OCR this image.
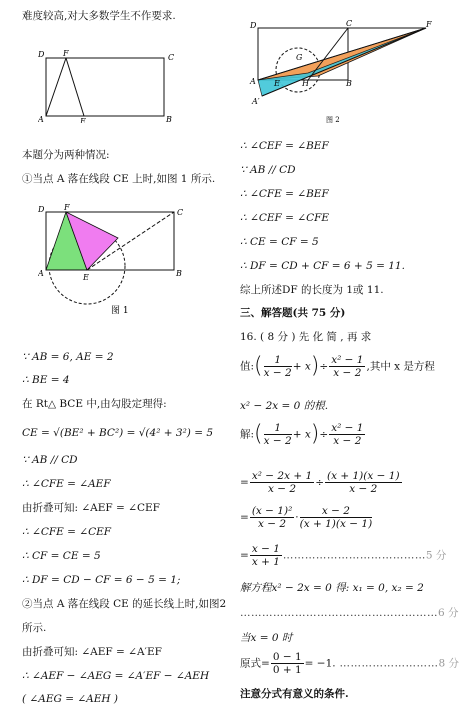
难度较高,对大多数学生不作要求.
D F	C
A	E	B
本题分为两种情况:
①当点 A 落在线段 CE 上时,如图 1 所示.
D F
C
A	E	B
图 1
∵ AB = 6, AE = 2
∴ BE = 4
在 Rt△ BCE 中,由勾股定理得:
CE = √(BE² + BC²) = √(4² + 3²) = 5
∵ AB // CD
∴ ∠CFE = ∠AEF
由折叠可知: ∠AEF = ∠CEF
∴ ∠CFE = ∠CEF
∴ CF = CE = 5
∴ DF = CD − CF = 6 − 5 = 1;
②当点 A 落在线段 CE 的延长线上时,如图2
所示.
由折叠可知: ∠AEF = ∠A′EF
∴ ∠AEF − ∠AEG = ∠A′EF − ∠AEH
( ∠AEG = ∠AEH )
D	C	F
G
A E	H	B
A′
图 2
∴ ∠CEF = ∠BEF
∵ AB // CD
∴ ∠CFE = ∠BEF
∴ ∠CEF = ∠CFE
∴ CE = CF = 5
∴ DF = CD + CF = 6 + 5 = 11.
综上所述DF 的长度为 1或 11.
三、解答题(共 75 分)
16. ( 8 分 ) 先 化 简 , 再 求
值:( $\frac{1}{x - 2} + x)\div \frac{\text{x² − 1}}{x - 2}$ ,其中 x 是方程
x² − 2x = 0 的根.
解:( $\frac{1}{x - 2} + x)\div \frac{\text{x² − 1}}{x - 2}$
= $\frac{\text{x² − 2x + 1}}{x - 2} \div \frac{(x + 1)(x - 1)}{x - 2}$
= $\frac{\text{(x − 1)²}}{x - 2} \cdot \frac{x - 2}{(x + 1)(x - 1)}$
= $\frac{x - 1}{x + 1}$ …………………………………5 分
解方程x² − 2x = 0 得: x₁ = 0, x₂ = 2
………………………………………………6 分
当x = 0 时
原式= $\frac{0 - 1}{0 + 1} = -1$. ………………………8 分
注意分式有意义的条件.
